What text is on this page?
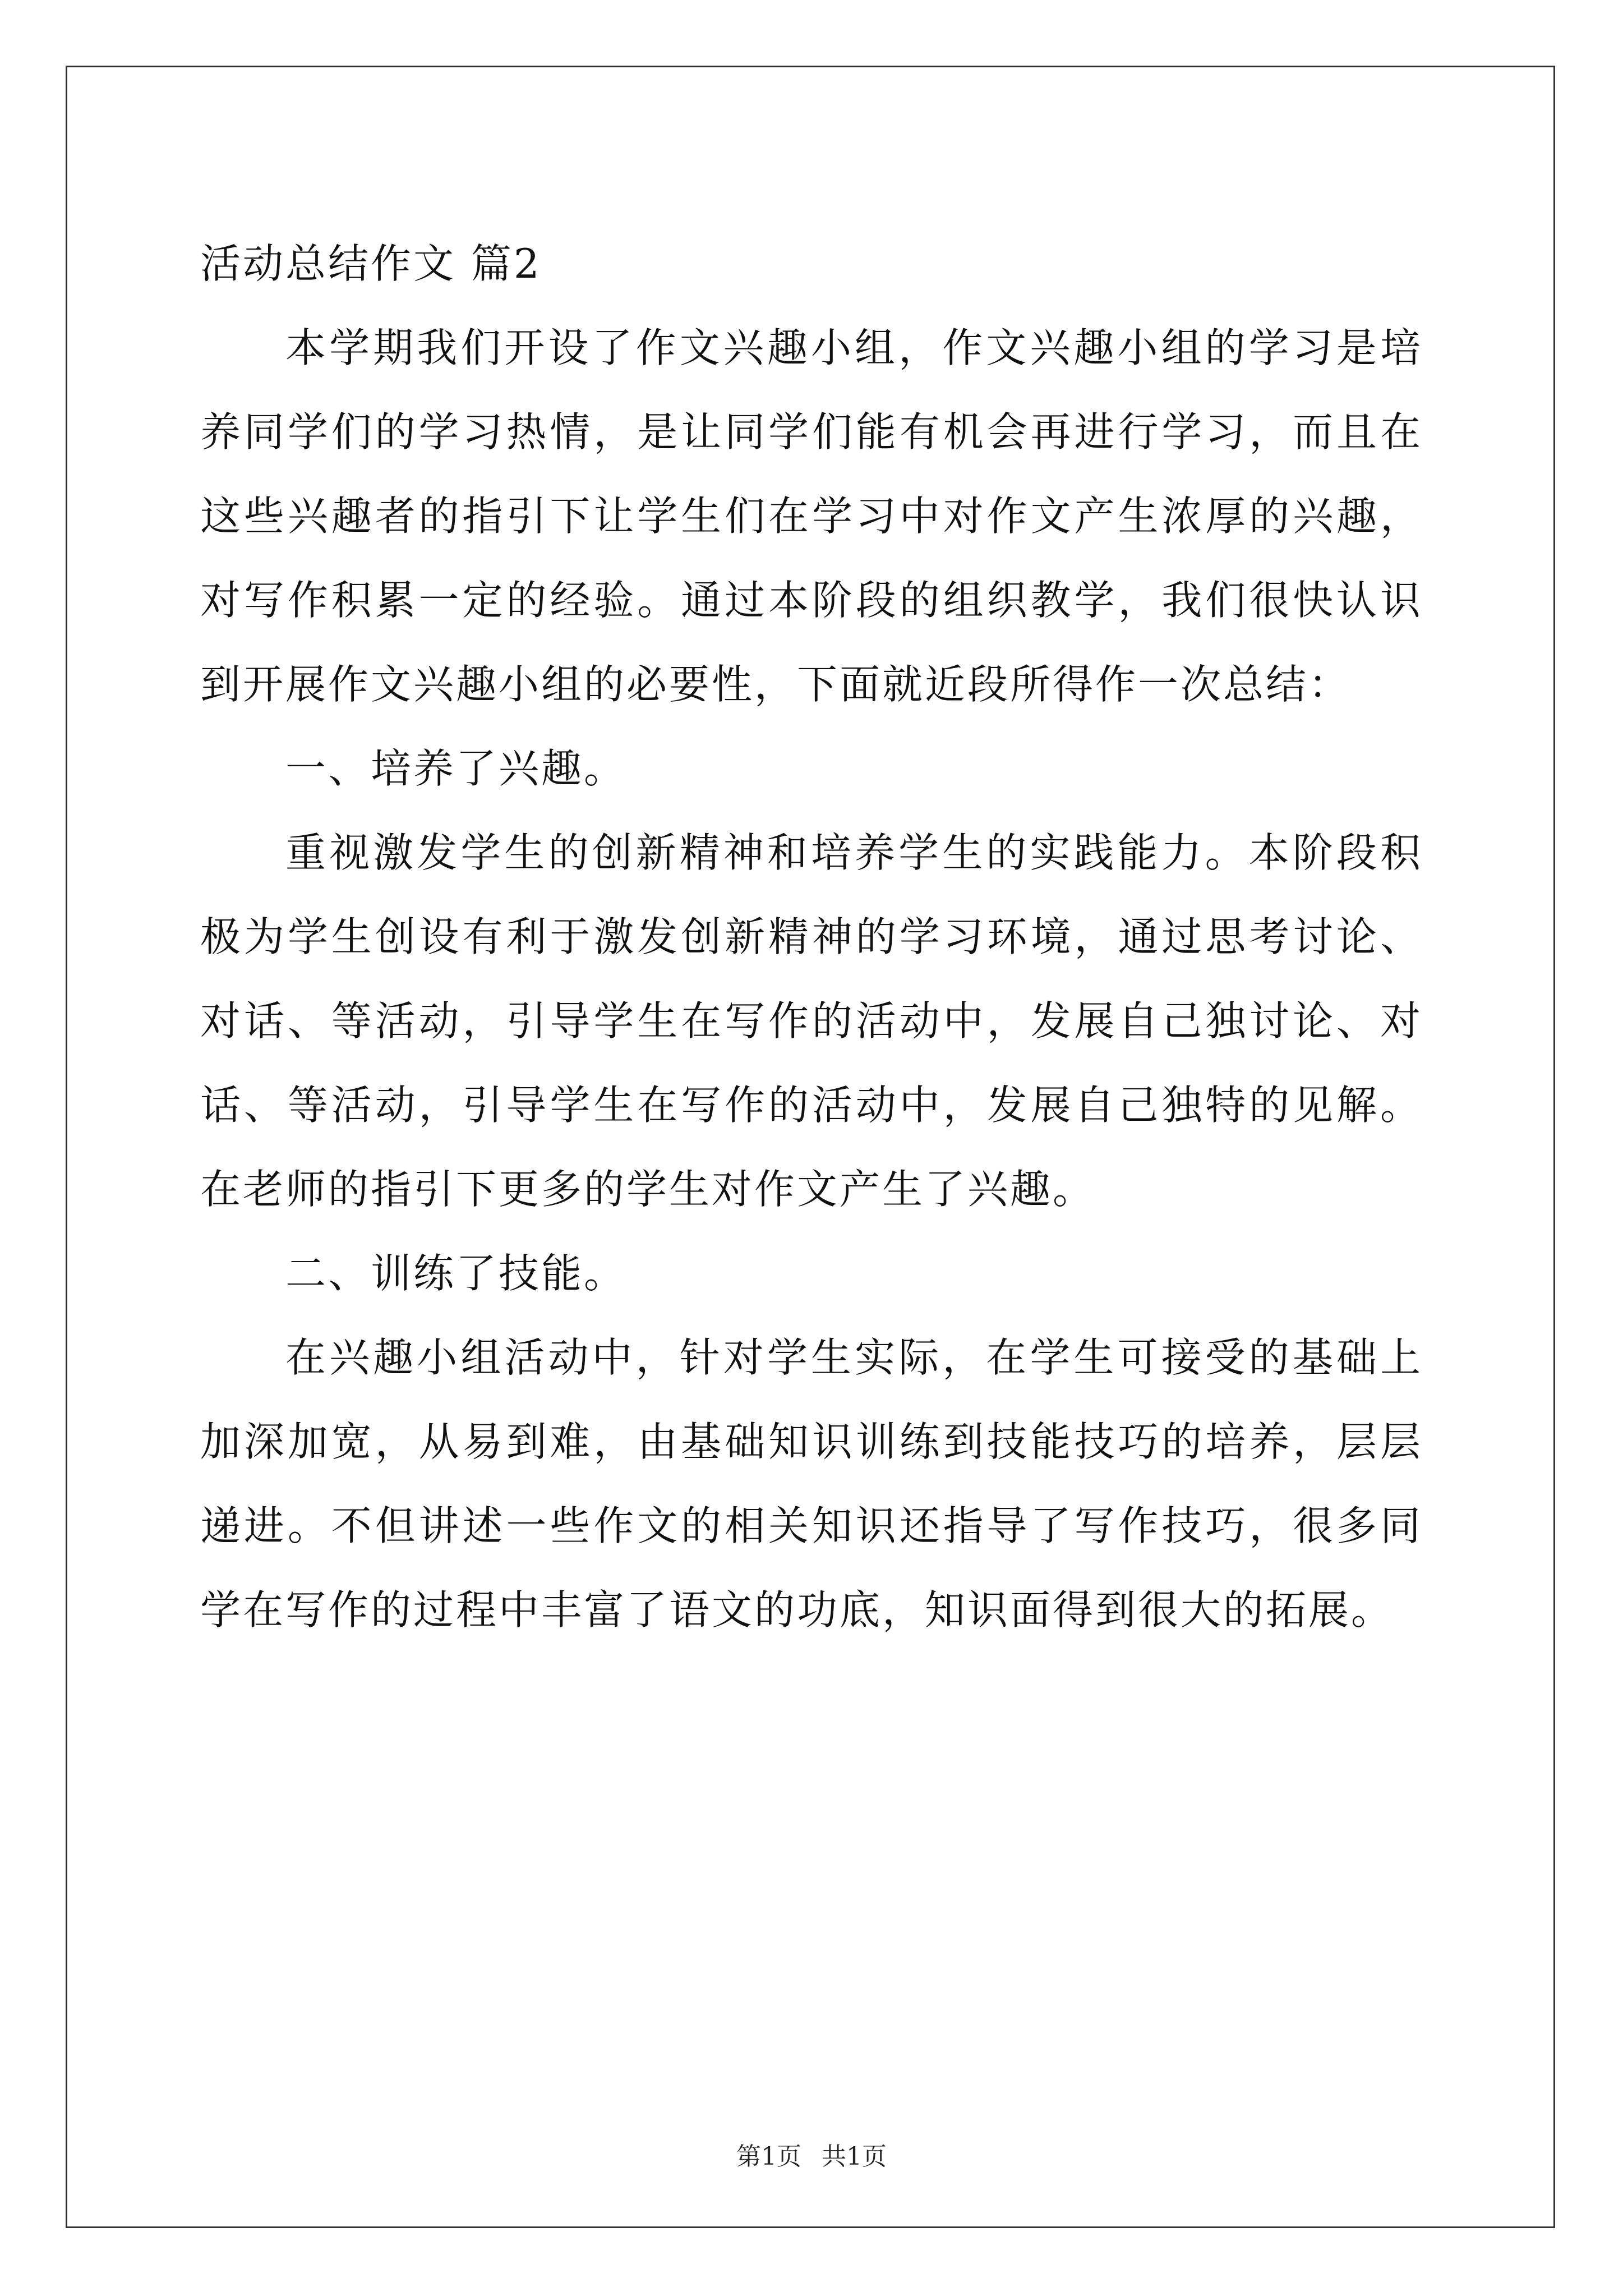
活动总结作文 篇2

本学期我们开设了作文兴趣小组，作文兴趣小组的学习是培养同学们的学习热情，是让同学们能有机会再进行学习，而且在这些兴趣者的指引下让学生们在学习中对作文产生浓厚的兴趣，对写作积累一定的经验。通过本阶段的组织教学，我们很快认识到开展作文兴趣小组的必要性，下面就近段所得作一次总结：

一、培养了兴趣。

重视激发学生的创新精神和培养学生的实践能力。本阶段积极为学生创设有利于激发创新精神的学习环境，通过思考讨论、对话、等活动，引导学生在写作的活动中，发展自己独讨论、对话、等活动，引导学生在写作的活动中，发展自己独特的见解。在老师的指引下更多的学生对作文产生了兴趣。

二、训练了技能。

在兴趣小组活动中，针对学生实际，在学生可接受的基础上加深加宽，从易到难，由基础知识训练到技能技巧的培养，层层递进。不但讲述一些作文的相关知识还指导了写作技巧，很多同学在写作的过程中丰富了语文的功底，知识面得到很大的拓展。

第1页 共1页
